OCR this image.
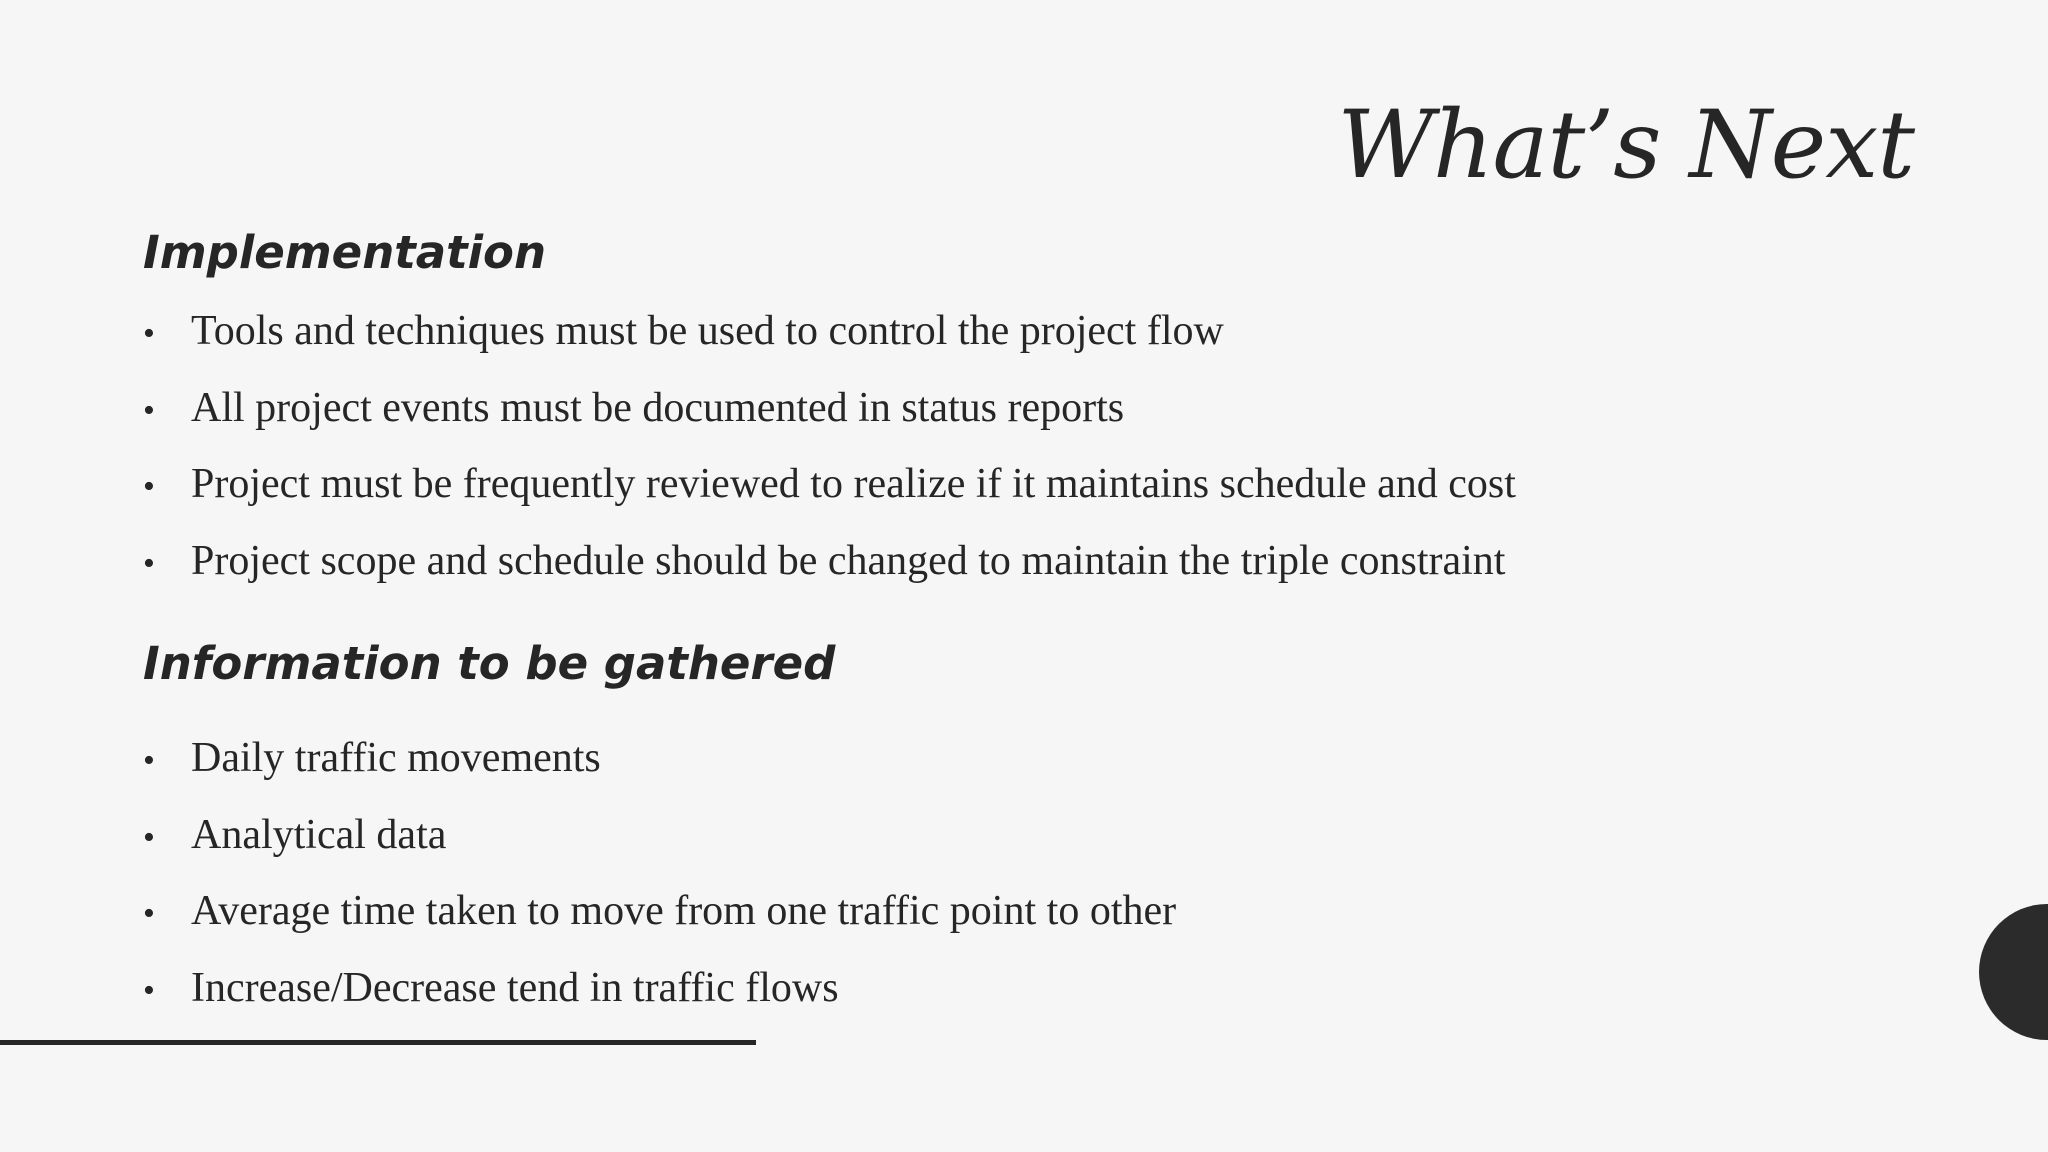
What’s Next
Implementation
• Tools and techniques must be used to control the project flow
• All project events must be documented in status reports
• Project must be frequently reviewed to realize if it maintains schedule and cost
• Project scope and schedule should be changed to maintain the triple constraint
Information to be gathered
• Daily traffic movements
• Analytical data
• Average time taken to move from one traffic point to other
• Increase/Decrease tend in traffic flows
